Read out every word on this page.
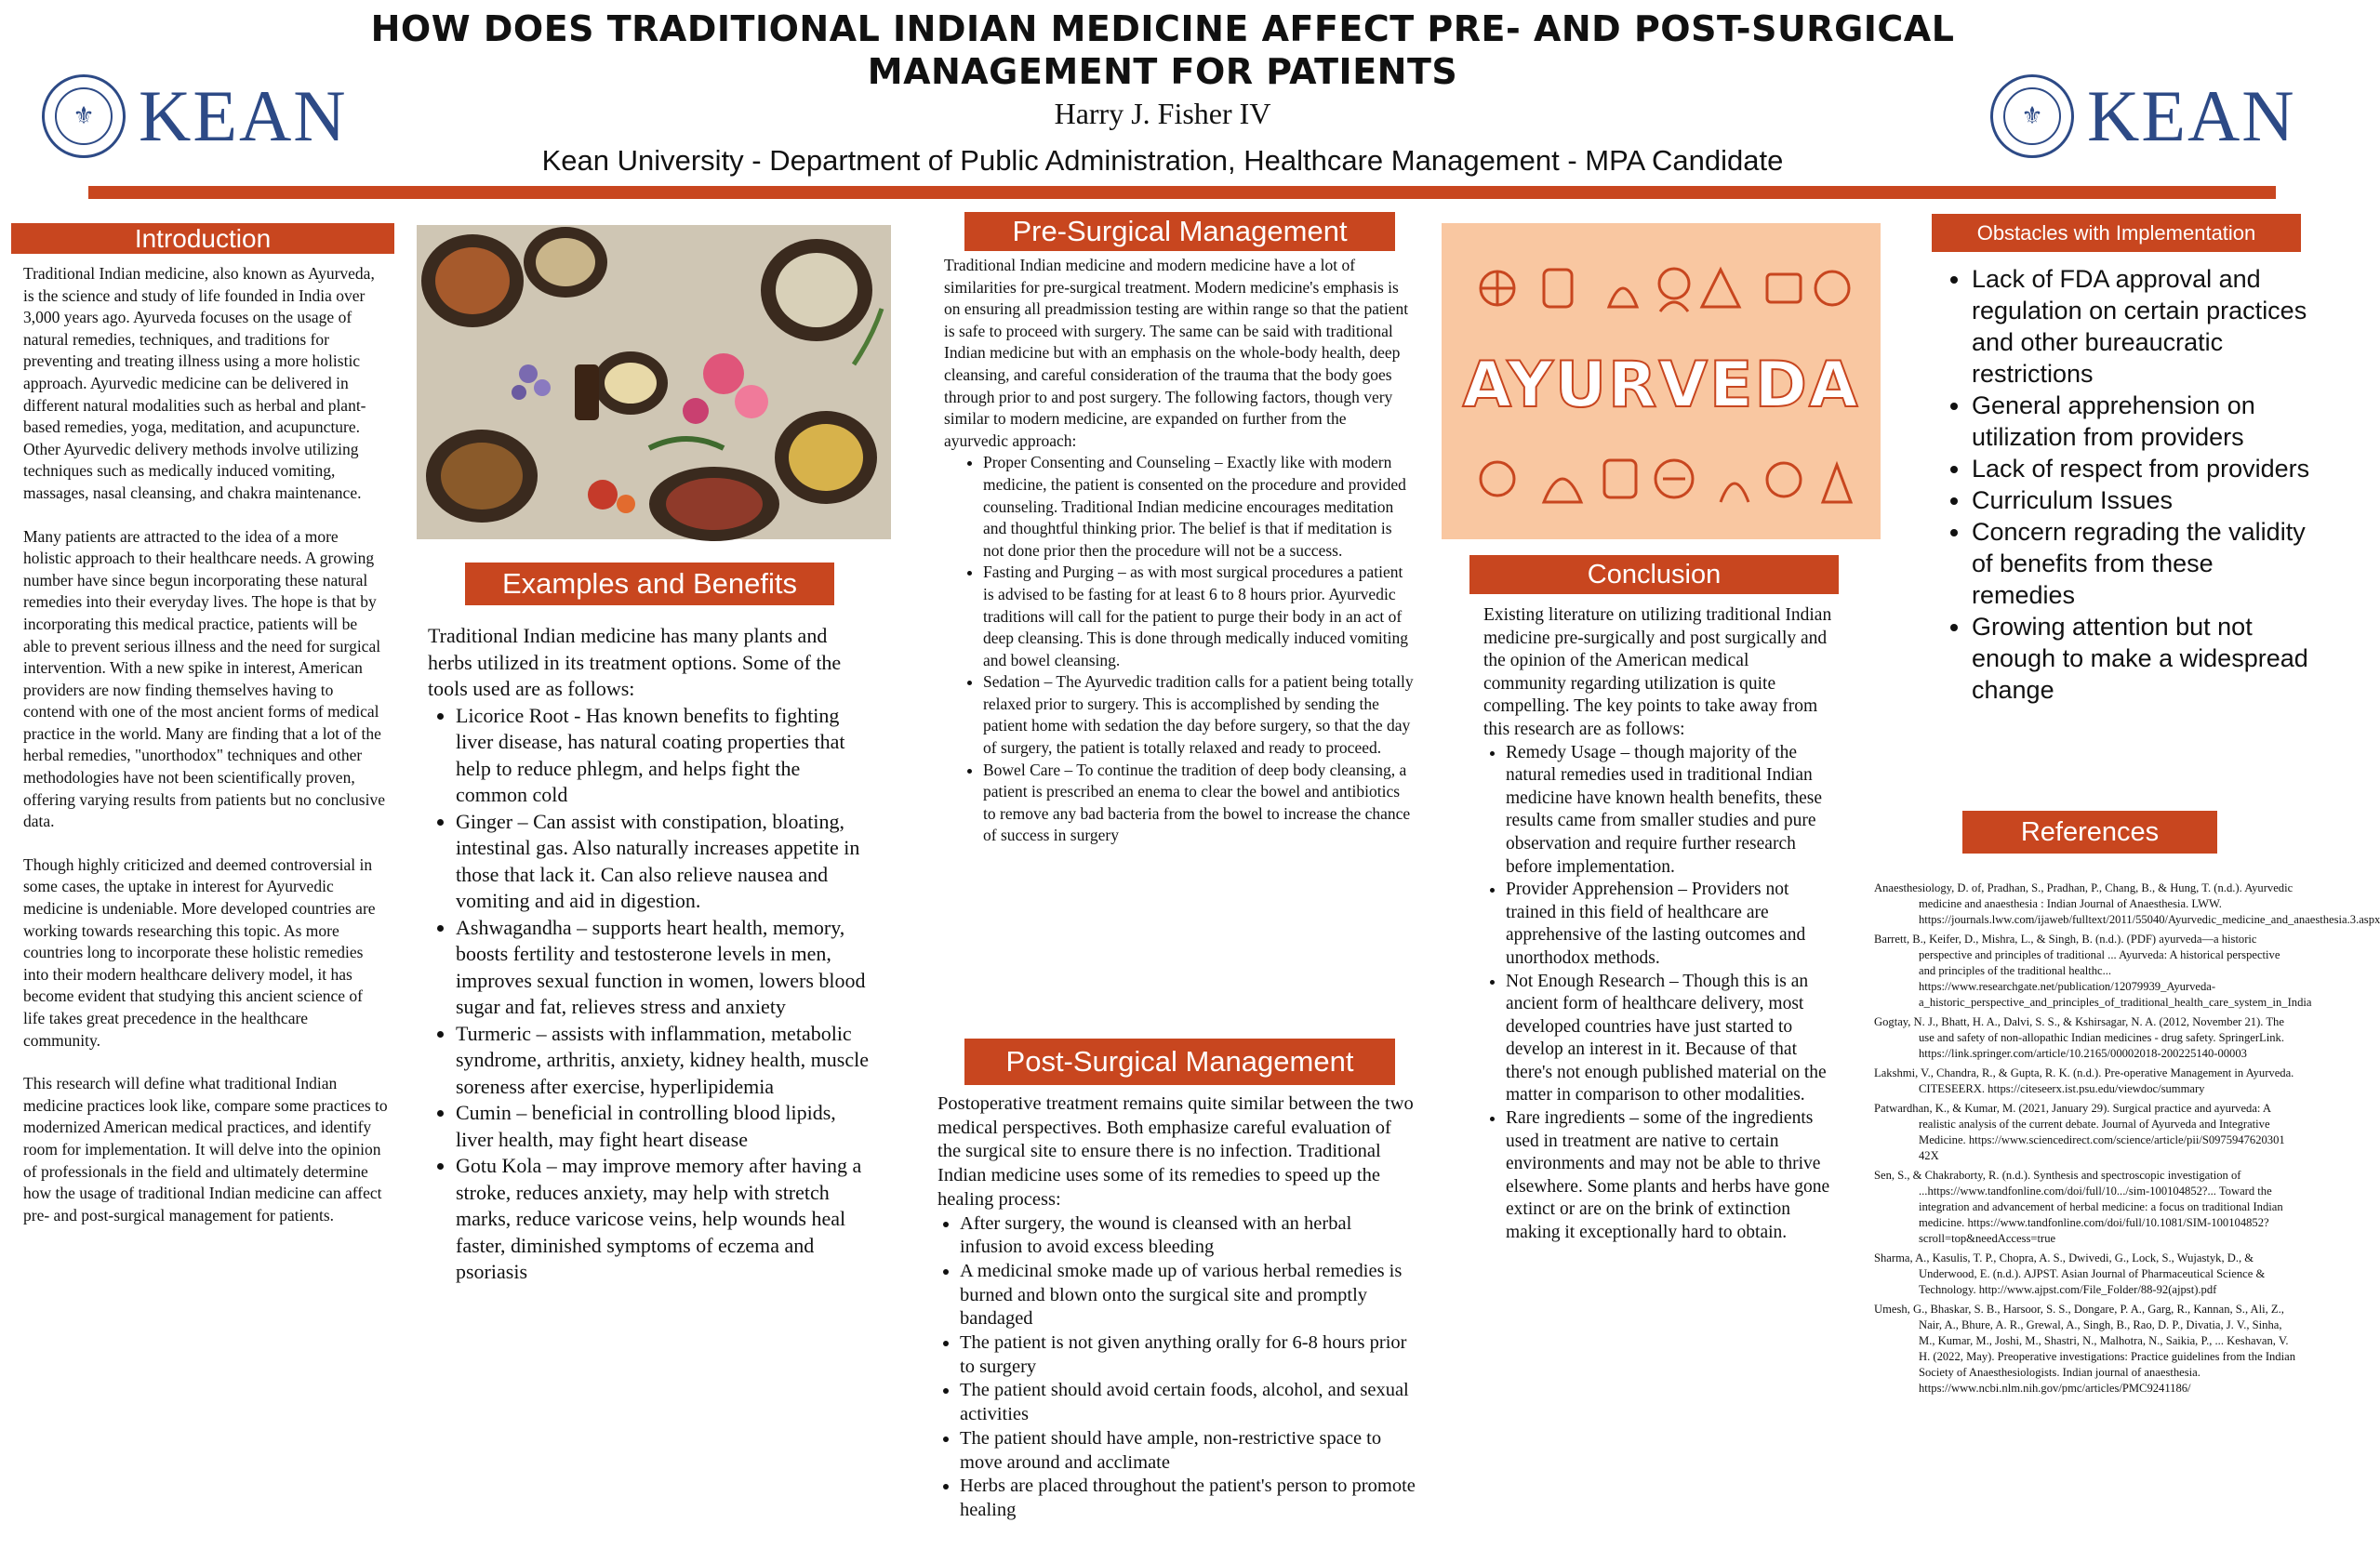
HOW DOES TRADITIONAL INDIAN MEDICINE AFFECT PRE- AND POST-SURGICAL MANAGEMENT FOR PATIENTS
Harry J. Fisher IV
Kean University - Department of Public Administration, Healthcare Management - MPA Candidate
⚜ KEAN	⚜ KEAN
Introduction

Traditional Indian medicine, also known as Ayurveda, is the science and study of life founded in India over 3,000 years ago. Ayurveda focuses on the usage of natural remedies, techniques, and traditions for preventing and treating illness using a more holistic approach. Ayurvedic medicine can be delivered in different natural modalities such as herbal and plant-based remedies, yoga, meditation, and acupuncture. Other Ayurvedic delivery methods involve utilizing techniques such as medically induced vomiting, massages, nasal cleansing, and chakra maintenance.

Many patients are attracted to the idea of a more holistic approach to their healthcare needs. A growing number have since begun incorporating these natural remedies into their everyday lives. The hope is that by incorporating this medical practice, patients will be able to prevent serious illness and the need for surgical intervention. With a new spike in interest, American providers are now finding themselves having to contend with one of the most ancient forms of medical practice in the world. Many are finding that a lot of the herbal remedies, "unorthodox" techniques and other methodologies have not been scientifically proven, offering varying results from patients but no conclusive data.

Though highly criticized and deemed controversial in some cases, the uptake in interest for Ayurvedic medicine is undeniable. More developed countries are working towards researching this topic. As more countries long to incorporate these holistic remedies into their modern healthcare delivery model, it has become evident that studying this ancient science of life takes great precedence in the healthcare community.

This research will define what traditional Indian medicine practices look like, compare some practices to modernized American medical practices, and identify room for implementation. It will delve into the opinion of professionals in the field and ultimately determine how the usage of traditional Indian medicine can affect pre- and post-surgical management for patients.

Examples and Benefits
Traditional Indian medicine has many plants and herbs utilized in its treatment options. Some of the tools used are as follows:
• Licorice Root - Has known benefits to fighting liver disease, has natural coating properties that help to reduce phlegm, and helps fight the common cold
• Ginger – Can assist with constipation, bloating, intestinal gas. Also naturally increases appetite in those that lack it. Can also relieve nausea and vomiting and aid in digestion.
• Ashwagandha – supports heart health, memory, boosts fertility and testosterone levels in men, improves sexual function in women, lowers blood sugar and fat, relieves stress and anxiety
• Turmeric – assists with inflammation, metabolic syndrome, arthritis, anxiety, kidney health, muscle soreness after exercise, hyperlipidemia
• Cumin – beneficial in controlling blood lipids, liver health, may fight heart disease
• Gotu Kola – may improve memory after having a stroke, reduces anxiety, may help with stretch marks, reduce varicose veins, help wounds heal faster, diminished symptoms of eczema and psoriasis
Pre-Surgical Management
Traditional Indian medicine and modern medicine have a lot of similarities for pre-surgical treatment. Modern medicine's emphasis is on ensuring all preadmission testing are within range so that the patient is safe to proceed with surgery. The same can be said with traditional Indian medicine but with an emphasis on the whole-body health, deep cleansing, and careful consideration of the trauma that the body goes through prior to and post surgery. The following factors, though very similar to modern medicine, are expanded on further from the ayurvedic approach:
• Proper Consenting and Counseling – Exactly like with modern medicine, the patient is consented on the procedure and provided counseling. Traditional Indian medicine encourages meditation and thoughtful thinking prior. The belief is that if meditation is not done prior then the procedure will not be a success.
• Fasting and Purging – as with most surgical procedures a patient is advised to be fasting for at least 6 to 8 hours prior. Ayurvedic traditions will call for the patient to purge their body in an act of deep cleansing. This is done through medically induced vomiting and bowel cleansing.
• Sedation – The Ayurvedic tradition calls for a patient being totally relaxed prior to surgery. This is accomplished by sending the patient home with sedation the day before surgery, so that the day of surgery, the patient is totally relaxed and ready to proceed.
• Bowel Care – To continue the tradition of deep body cleansing, a patient is prescribed an enema to clear the bowel and antibiotics to remove any bad bacteria from the bowel to increase the chance of success in surgery
Post-Surgical Management
Postoperative treatment remains quite similar between the two medical perspectives. Both emphasize careful evaluation of the surgical site to ensure there is no infection. Traditional Indian medicine uses some of its remedies to speed up the healing process:
• After surgery, the wound is cleansed with an herbal infusion to avoid excess bleeding
• A medicinal smoke made up of various herbal remedies is burned and blown onto the surgical site and promptly bandaged
• The patient is not given anything orally for 6-8 hours prior to surgery
• The patient should avoid certain foods, alcohol, and sexual activities
• The patient should have ample, non-restrictive space to move around and acclimate
• Herbs are placed throughout the patient's person to promote healing
AYURVEDA
Conclusion
Existing literature on utilizing traditional Indian medicine pre-surgically and post surgically and the opinion of the American medical community regarding utilization is quite compelling. The key points to take away from this research are as follows:
• Remedy Usage – though majority of the natural remedies used in traditional Indian medicine have known health benefits, these results came from smaller studies and pure observation and require further research before implementation.
• Provider Apprehension – Providers not trained in this field of healthcare are apprehensive of the lasting outcomes and unorthodox methods.
• Not Enough Research – Though this is an ancient form of healthcare delivery, most developed countries have just started to develop an interest in it. Because of that there's not enough published material on the matter in comparison to other modalities.
• Rare ingredients – some of the ingredients used in treatment are native to certain environments and may not be able to thrive elsewhere. Some plants and herbs have gone extinct or are on the brink of extinction making it exceptionally hard to obtain.
Obstacles with Implementation
• Lack of FDA approval and regulation on certain practices and other bureaucratic restrictions
• General apprehension on utilization from providers
• Lack of respect from providers
• Curriculum Issues
• Concern regrading the validity of benefits from these remedies
• Growing attention but not enough to make a widespread change
References
Anaesthesiology, D. of, Pradhan, S., Pradhan, P., Chang, B., & Hung, T. (n.d.). Ayurvedic medicine and anaesthesia : Indian Journal of Anaesthesia. LWW. https://journals.lww.com/ijaweb/fulltext/2011/55040/Ayurvedic_medicine_and_anaesthesia.3.aspx
Barrett, B., Keifer, D., Mishra, L., & Singh, B. (n.d.). (PDF) ayurveda—a historic perspective and principles of traditional ... Ayurveda: A historical perspective and principles of the traditional healthc... https://www.researchgate.net/publication/12079939_Ayurveda-a_historic_perspective_and_principles_of_traditional_health_care_system_in_India
Gogtay, N. J., Bhatt, H. A., Dalvi, S. S., & Kshirsagar, N. A. (2012, November 21). The use and safety of non-allopathic Indian medicines - drug safety. SpringerLink. https://link.springer.com/article/10.2165/00002018-200225140-00003
Lakshmi, V., Chandra, R., & Gupta, R. K. (n.d.). Pre-operative Management in Ayurveda. CITESEERX. https://citeseerx.ist.psu.edu/viewdoc/summary
Patwardhan, K., & Kumar, M. (2021, January 29). Surgical practice and ayurveda: A realistic analysis of the current debate. Journal of Ayurveda and Integrative Medicine. https://www.sciencedirect.com/science/article/pii/S0975947620301 42X
Sen, S., & Chakraborty, R. (n.d.). Synthesis and spectroscopic investigation of ...https://www.tandfonline.com/doi/full/10.../sim-100104852?... Toward the integration and advancement of herbal medicine: a focus on traditional Indian medicine. https://www.tandfonline.com/doi/full/10.1081/SIM-100104852?scroll=top&needAccess=true
Sharma, A., Kasulis, T. P., Chopra, A. S., Dwivedi, G., Lock, S., Wujastyk, D., & Underwood, E. (n.d.). AJPST. Asian Journal of Pharmaceutical Science & Technology. http://www.ajpst.com/File_Folder/88-92(ajpst).pdf
Umesh, G., Bhaskar, S. B., Harsoor, S. S., Dongare, P. A., Garg, R., Kannan, S., Ali, Z., Nair, A., Bhure, A. R., Grewal, A., Singh, B., Rao, D. P., Divatia, J. V., Sinha, M., Kumar, M., Joshi, M., Shastri, N., Malhotra, N., Saikia, P., ... Keshavan, V. H. (2022, May). Preoperative investigations: Practice guidelines from the Indian Society of Anaesthesiologists. Indian journal of anaesthesia. https://www.ncbi.nlm.nih.gov/pmc/articles/PMC9241186/
